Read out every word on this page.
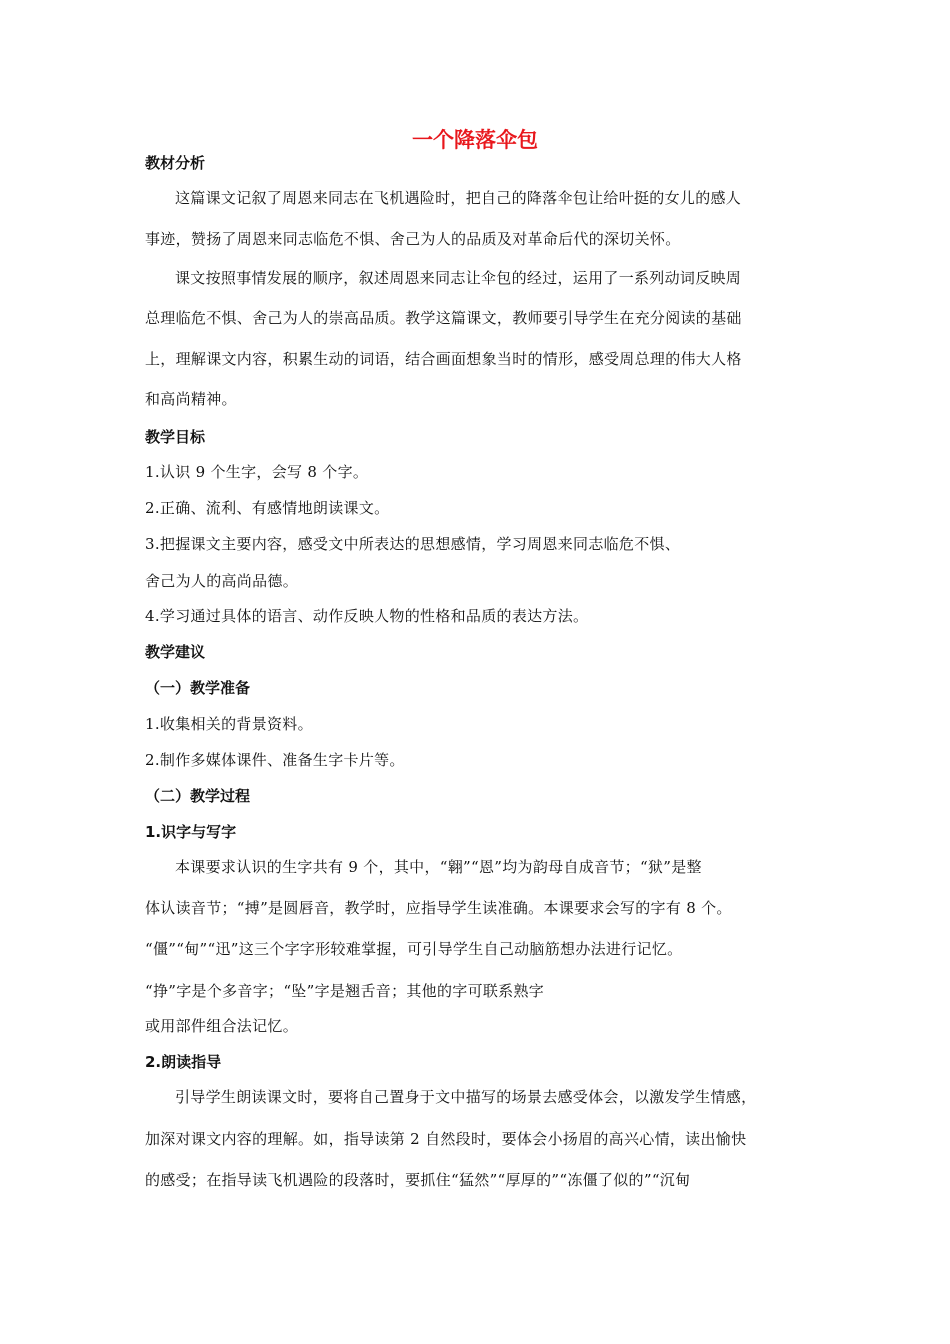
一个降落伞包
教材分析

这篇课文记叙了周恩来同志在飞机遇险时，把自己的降落伞包让给叶挺的女儿的感人

事迹，赞扬了周恩来同志临危不惧、舍己为人的品质及对革命后代的深切关怀。

课文按照事情发展的顺序，叙述周恩来同志让伞包的经过，运用了一系列动词反映周

总理临危不惧、舍己为人的崇高品质。教学这篇课文，教师要引导学生在充分阅读的基础

上，理解课文内容，积累生动的词语，结合画面想象当时的情形，感受周总理的伟大人格

和高尚精神。

教学目标

1.认识 9 个生字，会写 8 个字。

2.正确、流利、有感情地朗读课文。

3.把握课文主要内容，感受文中所表达的思想感情，学习周恩来同志临危不惧、

舍己为人的高尚品德。

4.学习通过具体的语言、动作反映人物的性格和品质的表达方法。

教学建议
（一）教学准备

1.收集相关的背景资料。

2.制作多媒体课件、准备生字卡片等。

（二）教学过程
1.识字与写字

本课要求认识的生字共有 9 个，其中，“翱”“恩”均为韵母自成音节；“狱”是整

体认读音节；“搏”是圆唇音，教学时，应指导学生读准确。本课要求会写的字有 8 个。

“僵”“甸”“迅”这三个字字形较难掌握，可引导学生自己动脑筋想办法进行记忆。

“挣”字是个多音字；“坠”字是翘舌音；其他的字可联系熟字

或用部件组合法记忆。

2.朗读指导

引导学生朗读课文时，要将自己置身于文中描写的场景去感受体会，以激发学生情感，

加深对课文内容的理解。如，指导读第 2 自然段时，要体会小扬眉的高兴心情，读出愉快

的感受；在指导读飞机遇险的段落时，要抓住“猛然”“厚厚的”“冻僵了似的”“沉甸
